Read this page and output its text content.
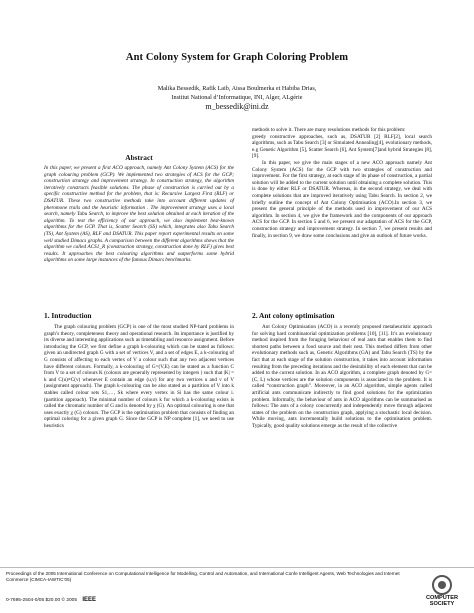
Ant Colony System for Graph Coloring Problem
Malika Bessedik, Rafik Laib, Aissa Boulmerka et Habiba Drias,
Institut National d’Informatique, INI, Alger, ALgérie
m_bessedik@ini.dz
Abstract

In this paper, we present a first ACO approach, namely Ant Colony System (ACS) for the graph colouring problem (GCP). We implemented two strategies of ACS for the GCP; construction strategy and improvement strategy. In construction strategy, the algorithm iteratively constructs feasible solutions. The phase of construction is carried out by a specific constructive method for the problem, that is: Recursive Largest First (RLF) or DSATUR. These two constructive methods take into account different updates of pheromone trails and the heuristic information . The improvement strategy uses a local search, namely Tabu Search, to improve the best solution obtained at each iteration of the algorithm. To test the efficiency of our approach, we also implement best-known algorithms for the GCP. That is, Scatter Search (SS) which, integrates also Tabu Search (TS), Ant System (AS), RLF and DSATUR. This paper report experimental results on some well studied Dimacs graphs. A comparison between the different algorithms shows that the algorithm we called ACS1_R (construction strategy, construction done by RLF) gives best results. It approaches the best colouring algorithms and outperforms some hybrid algorithms on some large instances of the famous Dimacs benchmarks.

1. Introduction

The graph colouring problem (GCP) is one of the most studied NP-hard problems in graph’s theory, completeness theory and operational research. Its importance is justified by its diverse and interesting applications such as timetabling and resource assignment. Before introducing the GCP, we first define a graph k-colouring which can be stated as follows: given an undirected graph G with a set of vertices V, and a set of edges E, a k-colouring of G consists of affecting to each vertex of V a colour such that any two adjacent vertices have different colours. Formally, a k-colouring of G=(V,E) can be stated as a function C from V to a set of colours K (colours are generally represented by integers ) such that |K| = k and C(u)≠C(v) whenever E contain an edge (u,v) for any two vertices u and v of V (assignment approach). The graph k-colouring can be also stated as a partition of V into k stables called colour sets S1,…, Sk where every vertex in Si has the same colour i. (partition approach). The minimal number of colours k for which a k-colouring exists is called the chromatic number of G and is denoted by χ (G). An optimal colouring is one that uses exactly χ (G) colours. The GCP is the optimisation problem that consists of finding an optimal coloring for a given graph G. Since the GCP is NP complete [1], we need to use heuristics

methods to solve it. There are many resolutions methods for this problem:

greedy constructive approaches, such as, DSATUR [2] RLF[2], local search algorithms, such as Tabu Search [3] or Simulated Annealing[4], evolutionary methods, e.g Genetic Algorithm [5], Scatter Search [6], Ant System[7]and hybrid Strategies [8], [9].

In this paper, we give the main stages of a new ACO approach namely Ant Colony System (ACS) for the GCP with two strategies of construction and improvement. For the first strategy, at each stage of its phase of construction, a partial solution will be added to the current solution until obtaining a complete solution. This is done by either RLF or DSATUR. Whereas, in the second strategy, we deal with complete solutions that are improved iteratively using Tabu Search. In section 2, we briefly outline the concept of Ant Colony Optimisation (ACO).In section 3, we present the general principle of the methods used in improvement of our ACS algorithm. In section 4, we give the framework and the components of our approach ACS for the GCP. In section 5 and 6, we present our adaptation of ACS for the GCP, construction strategy and improvement strategy. In section 7, we present results and finally, in section 9, we draw some conclusions and give an outlook of future works.

2. Ant colony optimisation

Ant Colony Optimisation (ACO) is a recently proposed metaheuristic approach for solving hard combinatorial optimization problems [10], [11]. It’s an evolutionary method inspired from the foraging behaviour of real ants that enables them to find shortest paths between a food source and their nest. This method differs from other evolutionary methods such as, Genetic Algorithms (GA) and Tabu Search (TS) by the fact that at each stage of the solution construction, it takes into account information resulting from the preceding iterations and the desirability of each element that can be added to the current solution. In an ACO algorithm, a complete graph denoted by G=(C, L) whose vertices are the solution components is associated to the problem. It is called “construction graph”. Moreover, in an ACO algorithm, simple agents called artificial ants communicate indirectly to find good solutions for the optimization problem. Informally, the behaviour of ants in ACO algorithms can be summarised as follows: The ants of a colony concurrently and independently move through adjacent states of the problem on the construction graph, applying a stochastic local decision. While moving, ants incrementally build solutions to the optimisation problem. Typically, good quality solutions emerge as the result of the collective

Proceedings of the 2005 International Conference on Computational Intelligence for Modelling, Control and Automation, and International Confe Intelligent Agents, Web Technologies and Internet Commerce (CIMCA-IAWTIC’05)
0-7695-2504-0/05 $20.00 © 2005 IEEE	COMPUTER
SOCIETY
